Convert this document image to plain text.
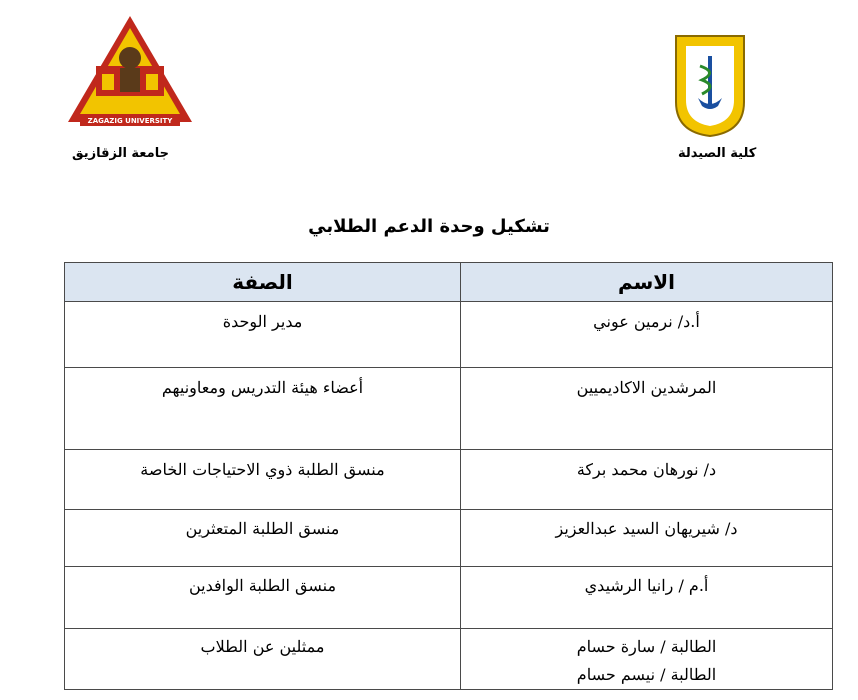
ZAGAZIG UNIVERSITY
جامعة الزقازيق	كلية الصيدلة
تشكيل وحدة الدعم الطلابي
الاسم	الصفة
أ.د/ نرمين عوني	مدير الوحدة
المرشدين الاكاديميين	أعضاء هيئة التدريس ومعاونيهم
د/ نورهان محمد بركة	منسق الطلبة ذوي الاحتياجات الخاصة
د/ شيريهان السيد عبدالعزيز	منسق الطلبة المتعثرين
أ.م / رانيا الرشيدي	منسق الطلبة الوافدين

الطالبة / سارة حسام
الطالبة / نيسم حسام	ممثلين عن الطلاب
